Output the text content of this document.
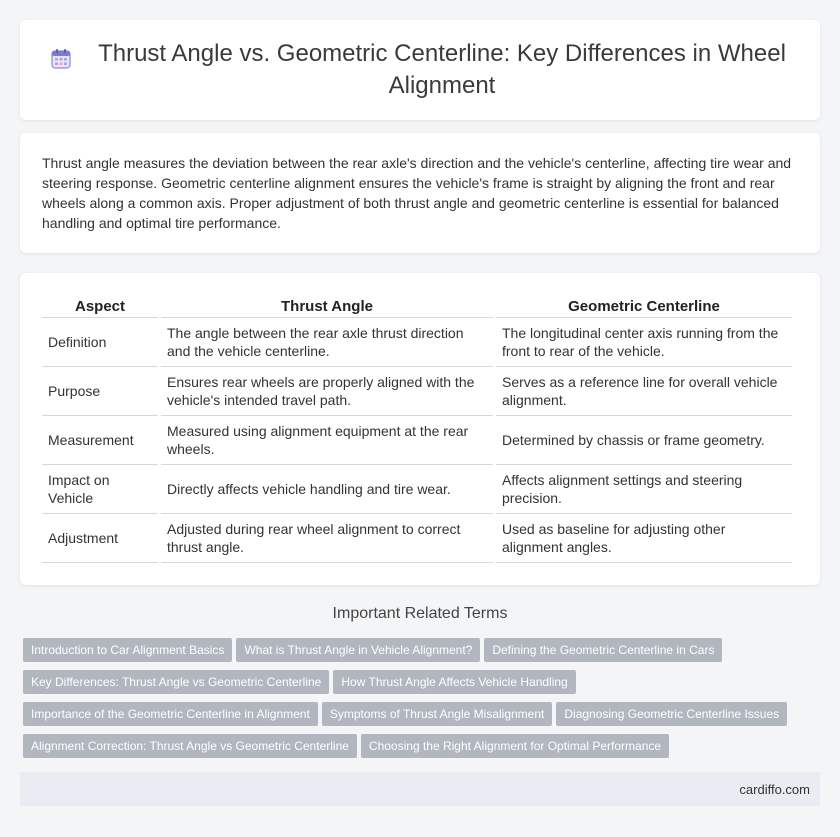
Thrust Angle vs. Geometric Centerline: Key Differences in Wheel Alignment

Thrust angle measures the deviation between the rear axle's direction and the vehicle's centerline, affecting tire wear and steering response. Geometric centerline alignment ensures the vehicle's frame is straight by aligning the front and rear wheels along a common axis. Proper adjustment of both thrust angle and geometric centerline is essential for balanced handling and optimal tire performance.

Aspect	Thrust Angle	Geometric Centerline
Definition	The angle between the rear axle thrust direction and the vehicle centerline.	The longitudinal center axis running from the front to rear of the vehicle.
Purpose	Ensures rear wheels are properly aligned with the vehicle's intended travel path.	Serves as a reference line for overall vehicle alignment.
Measurement	Measured using alignment equipment at the rear wheels.	Determined by chassis or frame geometry.
Impact on Vehicle	Directly affects vehicle handling and tire wear.	Affects alignment settings and steering precision.
Adjustment	Adjusted during rear wheel alignment to correct thrust angle.	Used as baseline for adjusting other alignment angles.
Important Related Terms
Introduction to Car Alignment Basics What is Thrust Angle in Vehicle Alignment? Defining the Geometric Centerline in Cars
Key Differences: Thrust Angle vs Geometric Centerline How Thrust Angle Affects Vehicle Handling
Importance of the Geometric Centerline in Alignment Symptoms of Thrust Angle Misalignment Diagnosing Geometric Centerline Issues
Alignment Correction: Thrust Angle vs Geometric Centerline Choosing the Right Alignment for Optimal Performance
cardiffo.com
